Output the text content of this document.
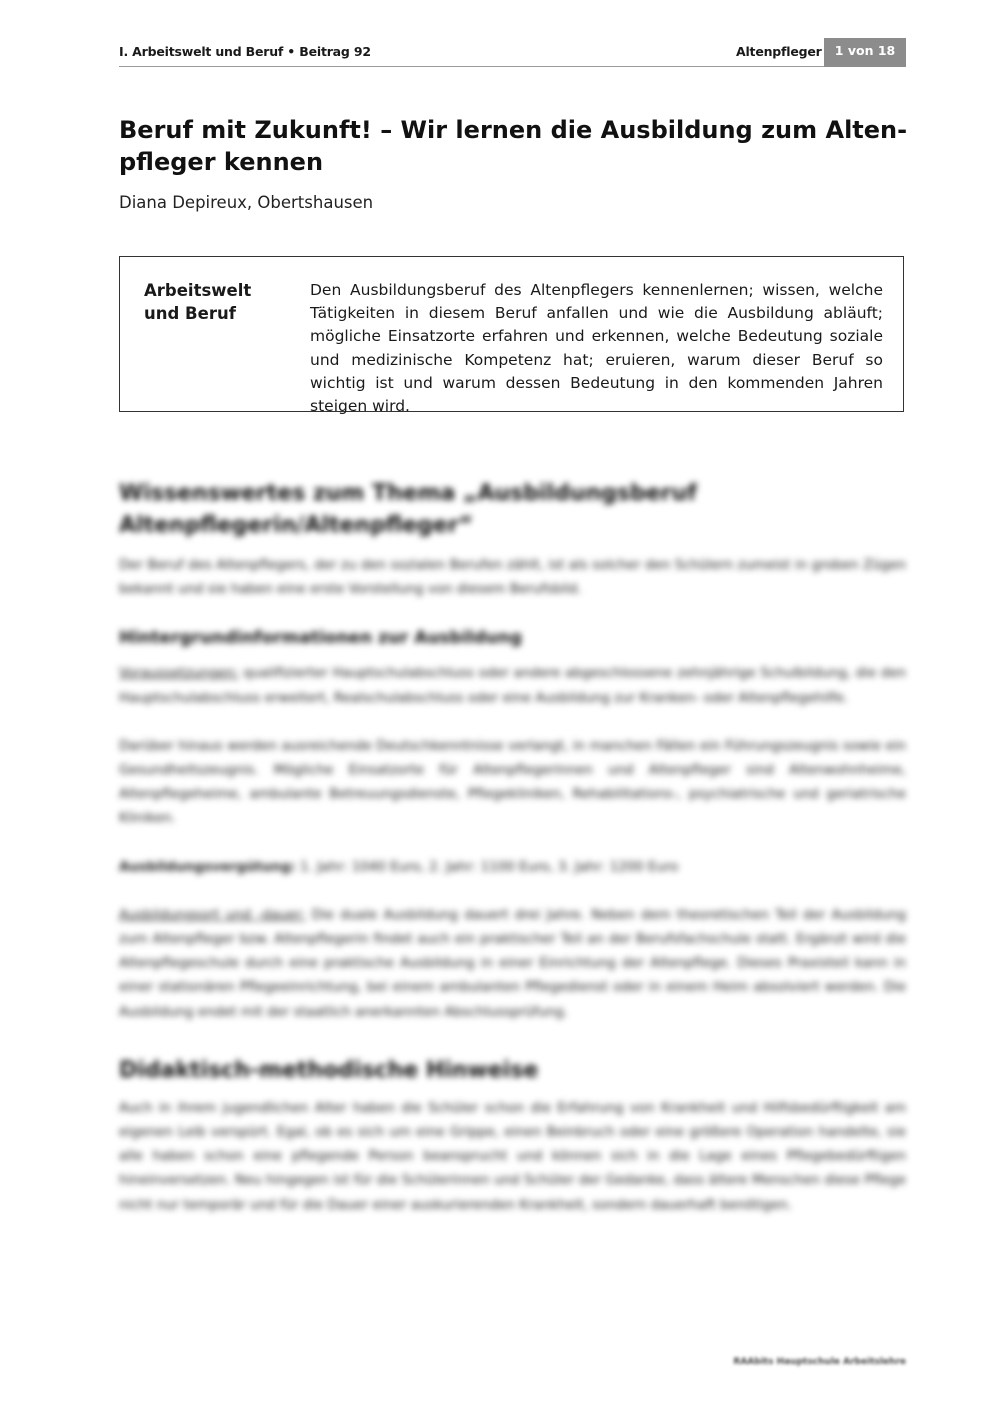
I. Arbeitswelt und Beruf • Beitrag 92	Altenpfleger	1 von 18
Beruf mit Zukunft! – Wir lernen die Ausbildung zum Alten-pfleger kennen
Diana Depireux, Obertshausen
Arbeitswelt und Beruf
Den Ausbildungsberuf des Altenpflegers kennenlernen; wissen, welche Tätigkeiten in diesem Beruf anfallen und wie die Ausbildung abläuft; mögliche Einsatzorte erfahren und erkennen, welche Bedeutung soziale und medizinische Kompetenz hat; eruieren, warum dieser Beruf so wichtig ist und warum dessen Bedeutung in den kommenden Jahren steigen wird.
Wissenswertes zum Thema „Ausbildungsberuf Altenpflegerin/Altenpfleger“

Der Beruf des Altenpflegers, der zu den sozialen Berufen zählt, ist als solcher den Schülern zumeist in groben Zügen bekannt und sie haben eine erste Vorstellung von diesem Berufsbild.

Hintergrundinformationen zur Ausbildung

Voraussetzungen: qualifizierter Hauptschulabschluss oder andere abgeschlossene zehnjährige Schulbildung, die den Hauptschulabschluss erweitert, Realschulabschluss oder eine Ausbildung zur Kranken- oder Altenpflegehilfe.

Darüber hinaus werden ausreichende Deutschkenntnisse verlangt, in manchen Fällen ein Führungszeugnis sowie ein Gesundheitszeugnis. Mögliche Einsatzorte für Altenpflegerinnen und Altenpfleger sind Altenwohnheime, Altenpflegeheime, ambulante Betreuungsdienste, Pflegekliniken, Rehabilitations-, psychiatrische und geriatrische Kliniken.

Ausbildungsvergütung: 1. Jahr: 1040 Euro, 2. Jahr: 1100 Euro, 3. Jahr: 1200 Euro

Ausbildungsort und -dauer: Die duale Ausbildung dauert drei Jahre. Neben dem theoretischen Teil der Ausbildung zum Altenpfleger bzw. Altenpflegerin findet auch ein praktischer Teil an der Berufsfachschule statt. Ergänzt wird die Altenpflegeschule durch eine praktische Ausbildung in einer Einrichtung der Altenpflege. Dieses Praxisteil kann in einer stationären Pflegeeinrichtung, bei einem ambulanten Pflegedienst oder in einem Heim absolviert werden. Die Ausbildung endet mit der staatlich anerkannten Abschlussprüfung.

Didaktisch-methodische Hinweise

Auch in ihrem jugendlichen Alter haben die Schüler schon die Erfahrung von Krankheit und Hilfsbedürftigkeit am eigenen Leib verspürt. Egal, ob es sich um eine Grippe, einen Beinbruch oder eine größere Operation handelte, sie alle haben schon eine pflegende Person beansprucht und können sich in die Lage eines Pflegebedürftigen hineinversetzen. Neu hingegen ist für die Schülerinnen und Schüler der Gedanke, dass ältere Menschen diese Pflege nicht nur temporär und für die Dauer einer auskurierenden Krankheit, sondern dauerhaft benötigen.

RAAbits Hauptschule Arbeitslehre
